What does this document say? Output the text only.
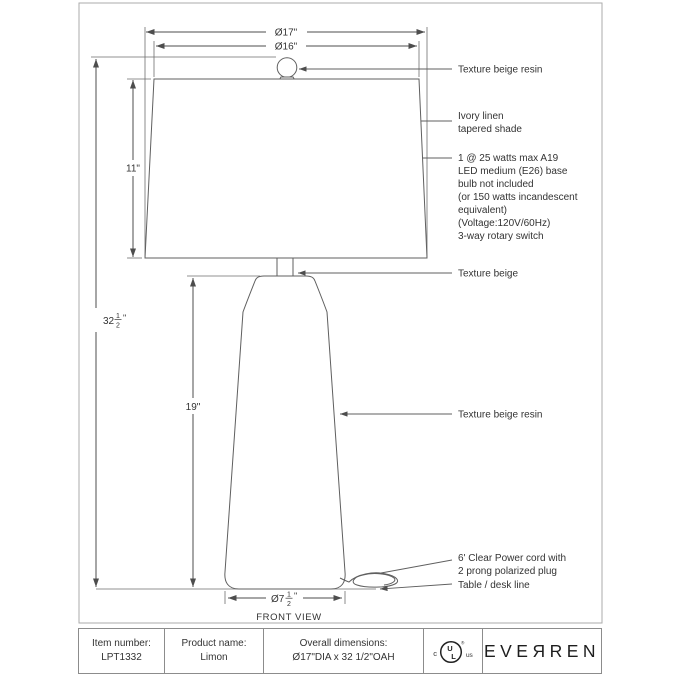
Ø17"
Ø16"
11"
19"
32 1
2
"
Ø7 1
2
"
Texture beige resin
Ivory linen
tapered shade
1 @ 25 watts max A19
LED medium (E26) base
bulb not included
(or 150 watts incandescent
equivalent)
(Voltage:120V/60Hz)
3-way rotary switch
Texture beige
Texture beige resin
6' Clear Power cord with
2 prong polarized plug
Table / desk line
FRONT VIEW
Item number:
LPT1332
Product name:
Limon
Overall dimensions:
Ø17"DIA x 32 1/2"OAH	c
U
L
®
us EVEЯREN
